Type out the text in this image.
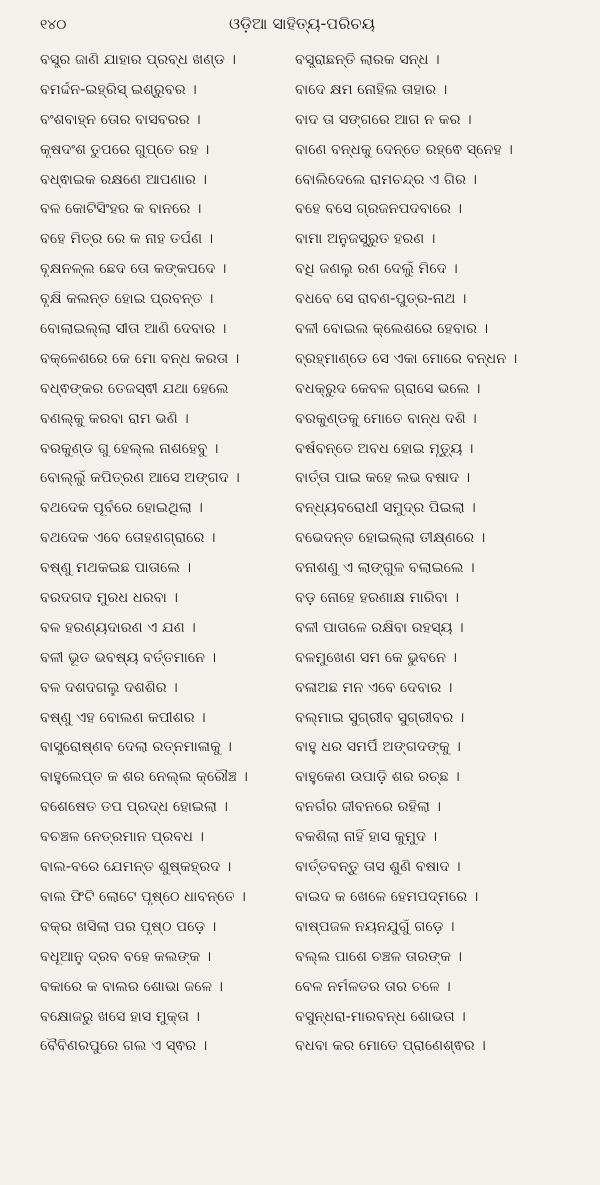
୧୪୦	ଓଡ଼ିଆ ସାହିତ୍ୟ-ପରିଚୟ
ବସ୍ତ୍ର ଜାଣି ଯାହାର ପ୍ରବ୍ଧ ଖଣ୍ଡ ।	ବସ୍ତ୍ରାଛନ୍ତି ଲାରକ ସନ୍ଧ ।
ବମର୍ଦ୍ଦନ-ଇହ୍ରିସ୍ ଇଶ୍ରୁବର ।	ବାଦେ କ୍ଷମ ନୋହିଲ ତାହାର ।
ବଂଶବାହ୍ନ ତୋର ବାସବରର ।	ବାଦ ତା ସଙ୍ଗରେ ଆଗ ନ କର ।
କୃଷଦଂଶ ତୁପରେ ଗୁପ୍ତେ ରହ ।	ବାଣେ ବନ୍ଧକୁ ଦେନ୍ତେ ରହ୍ଵେ ସ୍ନେହ ।
ବଧ୍ଵାଇକ ରକ୍ଷଣେ ଆପଣାର ।	ବୋଲିଦେଲେ ରାମଚନ୍ଦ୍ର ଏ ଗିର ।
ବଳ କୋଟିସିଂହର କ ବାନରେ ।	ବହେ ବସେ ଗ୍ରଜନପଦବାରେ ।
ବହେ ମିତ୍ର ରେ କ ନାହ ତର୍ପଣ ।	ବାମା ଅନୁଜସ୍ତ୍ରୁତ ହରଣ ।
ବୃକ୍ଷନଳ୍ଲ ଛେଦ ତୋ କଙ୍କପଦେ ।	ବଧି ଜଣଲୁ ରଣ ଦେଲୁଁ ମିଦେ ।
ବୃକ୍ଷି କଲନ୍ତ ହୋଇ ପ୍ରବନ୍ତ ।	ବଧବେ ସେ ରାବଣ-ପୁତ୍ର-ନାଥ ।
ବୋଲାଇଲ୍ଲା ସୀତା ଆଣି ଦେବାର ।	ବଳୀ ବୋଇଲ କ୍ଲେଶରେ ହେବାର ।
ବକ୍ଳେଶରେ କେ ମୋ ବନ୍ଧ କରତା ।	ବ୍ରହ୍ମାଣ୍ଡେ ସେ ଏକା ମୋରେ ବନ୍ଧନ ।
ବଧ୍ଵଙ୍କର ତେଜସ୍ଵୀ ଯଥା ହେଲେ	ବଧକ୍ରୁଦ କେବଳ ଗ୍ରାସେ ଭଲେ ।
ବଣଲ୍କୁ କରବା ରାମ ଭଣି ।	ବରକୁଣ୍ଡକୁ ମୋତେ ବାନ୍ଧ ଦଶି ।
ବରକୁଣ୍ଡ ଗୁ ହେଲ୍ଲ ନାଶହେବୁ ।	ବର୍ଷବନ୍ତେ ଅବଧ ହୋଇ ମୃତ୍ୟୁ ।
ବୋଲ୍ଲୁଁ କପିତ୍ରଣ ଆସେ ଅଙ୍ଗଦ ।	ବାର୍ତ୍ତା ପାଇ କହେ ଲଭ ବଷାଦ ।
ବଥଦେକ ପୂର୍ବରେ ହୋଇଥିଲା ।	ବନ୍ଧ୍ୟବରୋଧୀ ସମୁଦ୍ର ପିଇଲା ।
ବଥଦେକ ଏବେ ତୋହଣଗ୍ରାରେ ।	ବଭେଦନ୍ତ ହୋଇଲ୍ଲା ତୀକ୍ଷ୍ଣରେ ।
ବଷ୍ଣୁ ମଥକଇଛ ପାତାଲେ ।	ବନାଶଣୁ ଏ ଲାଙ୍ଗୁଳ ବଲାଇଲେ ।
ବରଦଗଦ ମୁରଧ ଧରବା ।	ବଡ଼ ନୋହେ ହରଣାକ୍ଷ ମାରିବା ।
ବଳ ହରଣ୍ୟଦାରଣ ଏ ଯଣ ।	ବଳୀ ପାତାଳେ ରକ୍ଷିବା ରହସ୍ୟ ।
ବଳୀ ଭୂତ ଭବଷ୍ୟ ବର୍ତ୍ତମାନେ ।	ବଳମୁଖେଣ ସମ କେ ଭୁବନେ ।
ବଳ ଦଶଦଗଲୁ ଦଶଶିର ।	ବଳାଅଛ ମନ ଏବେ ଦେବାର ।
ବଷ୍ଣୁ ଏହ ବୋଲଣ କପୀଶର ।	ବଲ୍ମାଇ ସୁଗ୍ରୀବ ସୁଗ୍ରୀବର ।
ବାସ୍ତ୍ରୋଷ୍ଣବ ଦେଲା ରତ୍ନମାଳାକୁ ।	ବାହୁ ଧର ସମର୍ପି ଅଙ୍ଗଦଙ୍କୁ ।
ବାହୁଲେପ୍ତ କ ଶର ନେଲ୍ଲ କ୍ରୌଞ୍ଚ ।	ବାହୁକେଣ ଉପାଡ଼ି ଶର ରଚ୍ଛ ।
ବଶେଷେତ ତପ ପ୍ରଦ୍ଧ ହୋଇଲା ।	ବନର୍ଗର ଜୀବନରେ ରହିଲା ।
ବଚଞ୍ଚଳ ନେତ୍ରମାନ ପ୍ରବଧ ।	ବକଶିଲା ନାହିଁ ହାସ କୁମୁଦ ।
ବାଲ-ବରେ ଯେମନ୍ତ ଶୁଷ୍କହ୍ରଦ ।	ବାର୍ତ୍ତବନ୍ତୁ ତାସ ଶୁଣି ବଷାଦ ।
ବାଲ ଫିଟି ଲୋଟେ ପୃଷ୍ଠେ ଧାବନ୍ତେ ।	ବାଇଦ କ ଖେଳେ ହେମପଦ୍ମରେ ।
ବକ୍ର ଖସିଲା ପର ପୃଷ୍ଠ ପଡ଼େ ।	ବାଷ୍ପଜଳ ନୟନଯୁଗୁଁ ଗଡ଼େ ।
ବଧୂଆନୁ ଦ୍ରବ ବହେ କଲଙ୍କ ।	ବଲ୍ଲ ପାଶେ ଚଞ୍ଚଳ ତାରଙ୍କ ।
ବକାରେ କ ବାଲର ଶୋଭା ଜଳେ ।	ବେଳ ନର୍ମଳତର ତାର ଚଳେ ।
ବକ୍ଷୋଜରୁ ଖସେ ହାସ ମୁକ୍ତା ।	ବସୁନ୍ଧରା-ମାରବନ୍ଧ ଶୋଭତା ।
ବୈବିଣରପୁରେ ଗଲ ଏ ସ୍ଵର ।	ବଧବା କର ମୋତେ ପ୍ରାଣେଶ୍ଵର ।
